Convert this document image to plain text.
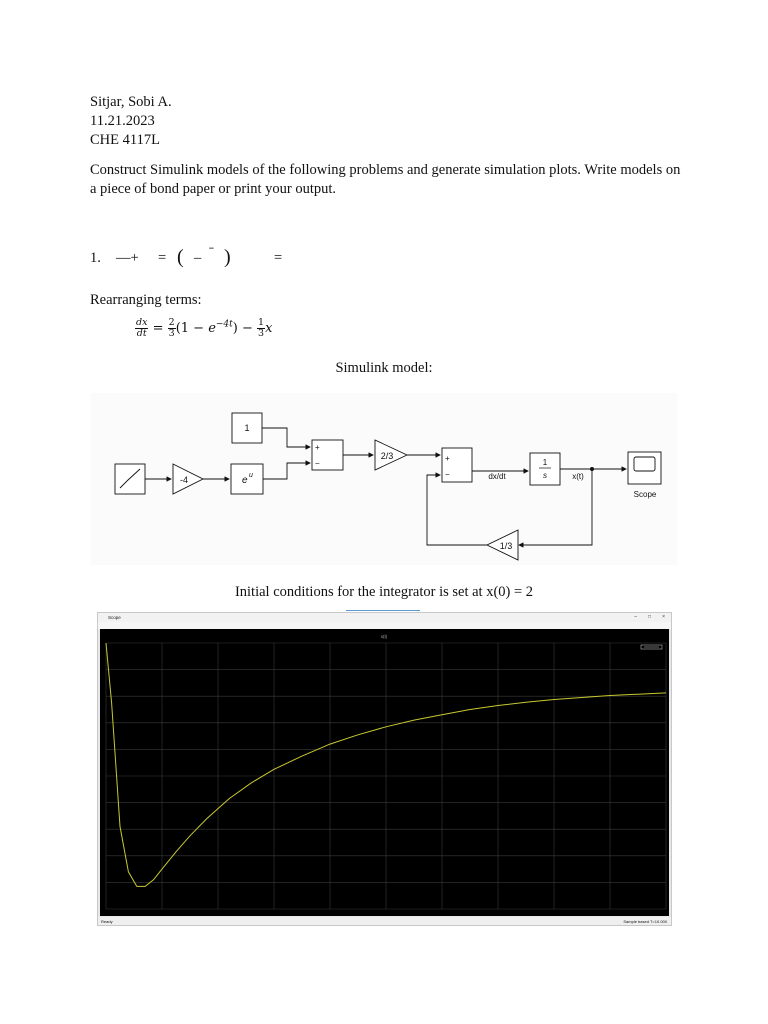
Sitjar, Sobi A.
11.21.2023
CHE 4117L
Construct Simulink models of the following problems and generate simulation plots. Write models on a piece of bond paper or print your output.
1. —+ = ( – ˉ )	=
Rearranging terms:
$\frac{dx}{dt} = \frac{2}{3} (1 - e^{-4t}) - \frac{1}{3}$ x
Simulink model:
1
-4	e u
+
−
2/3	+
−	dx/dt
1
s	x(t)
Scope
1/3
Initial conditions for the integrator is set at x(0) = 2
Scope	– □ ×
x(t)
Ready	Sample based T=10.000
